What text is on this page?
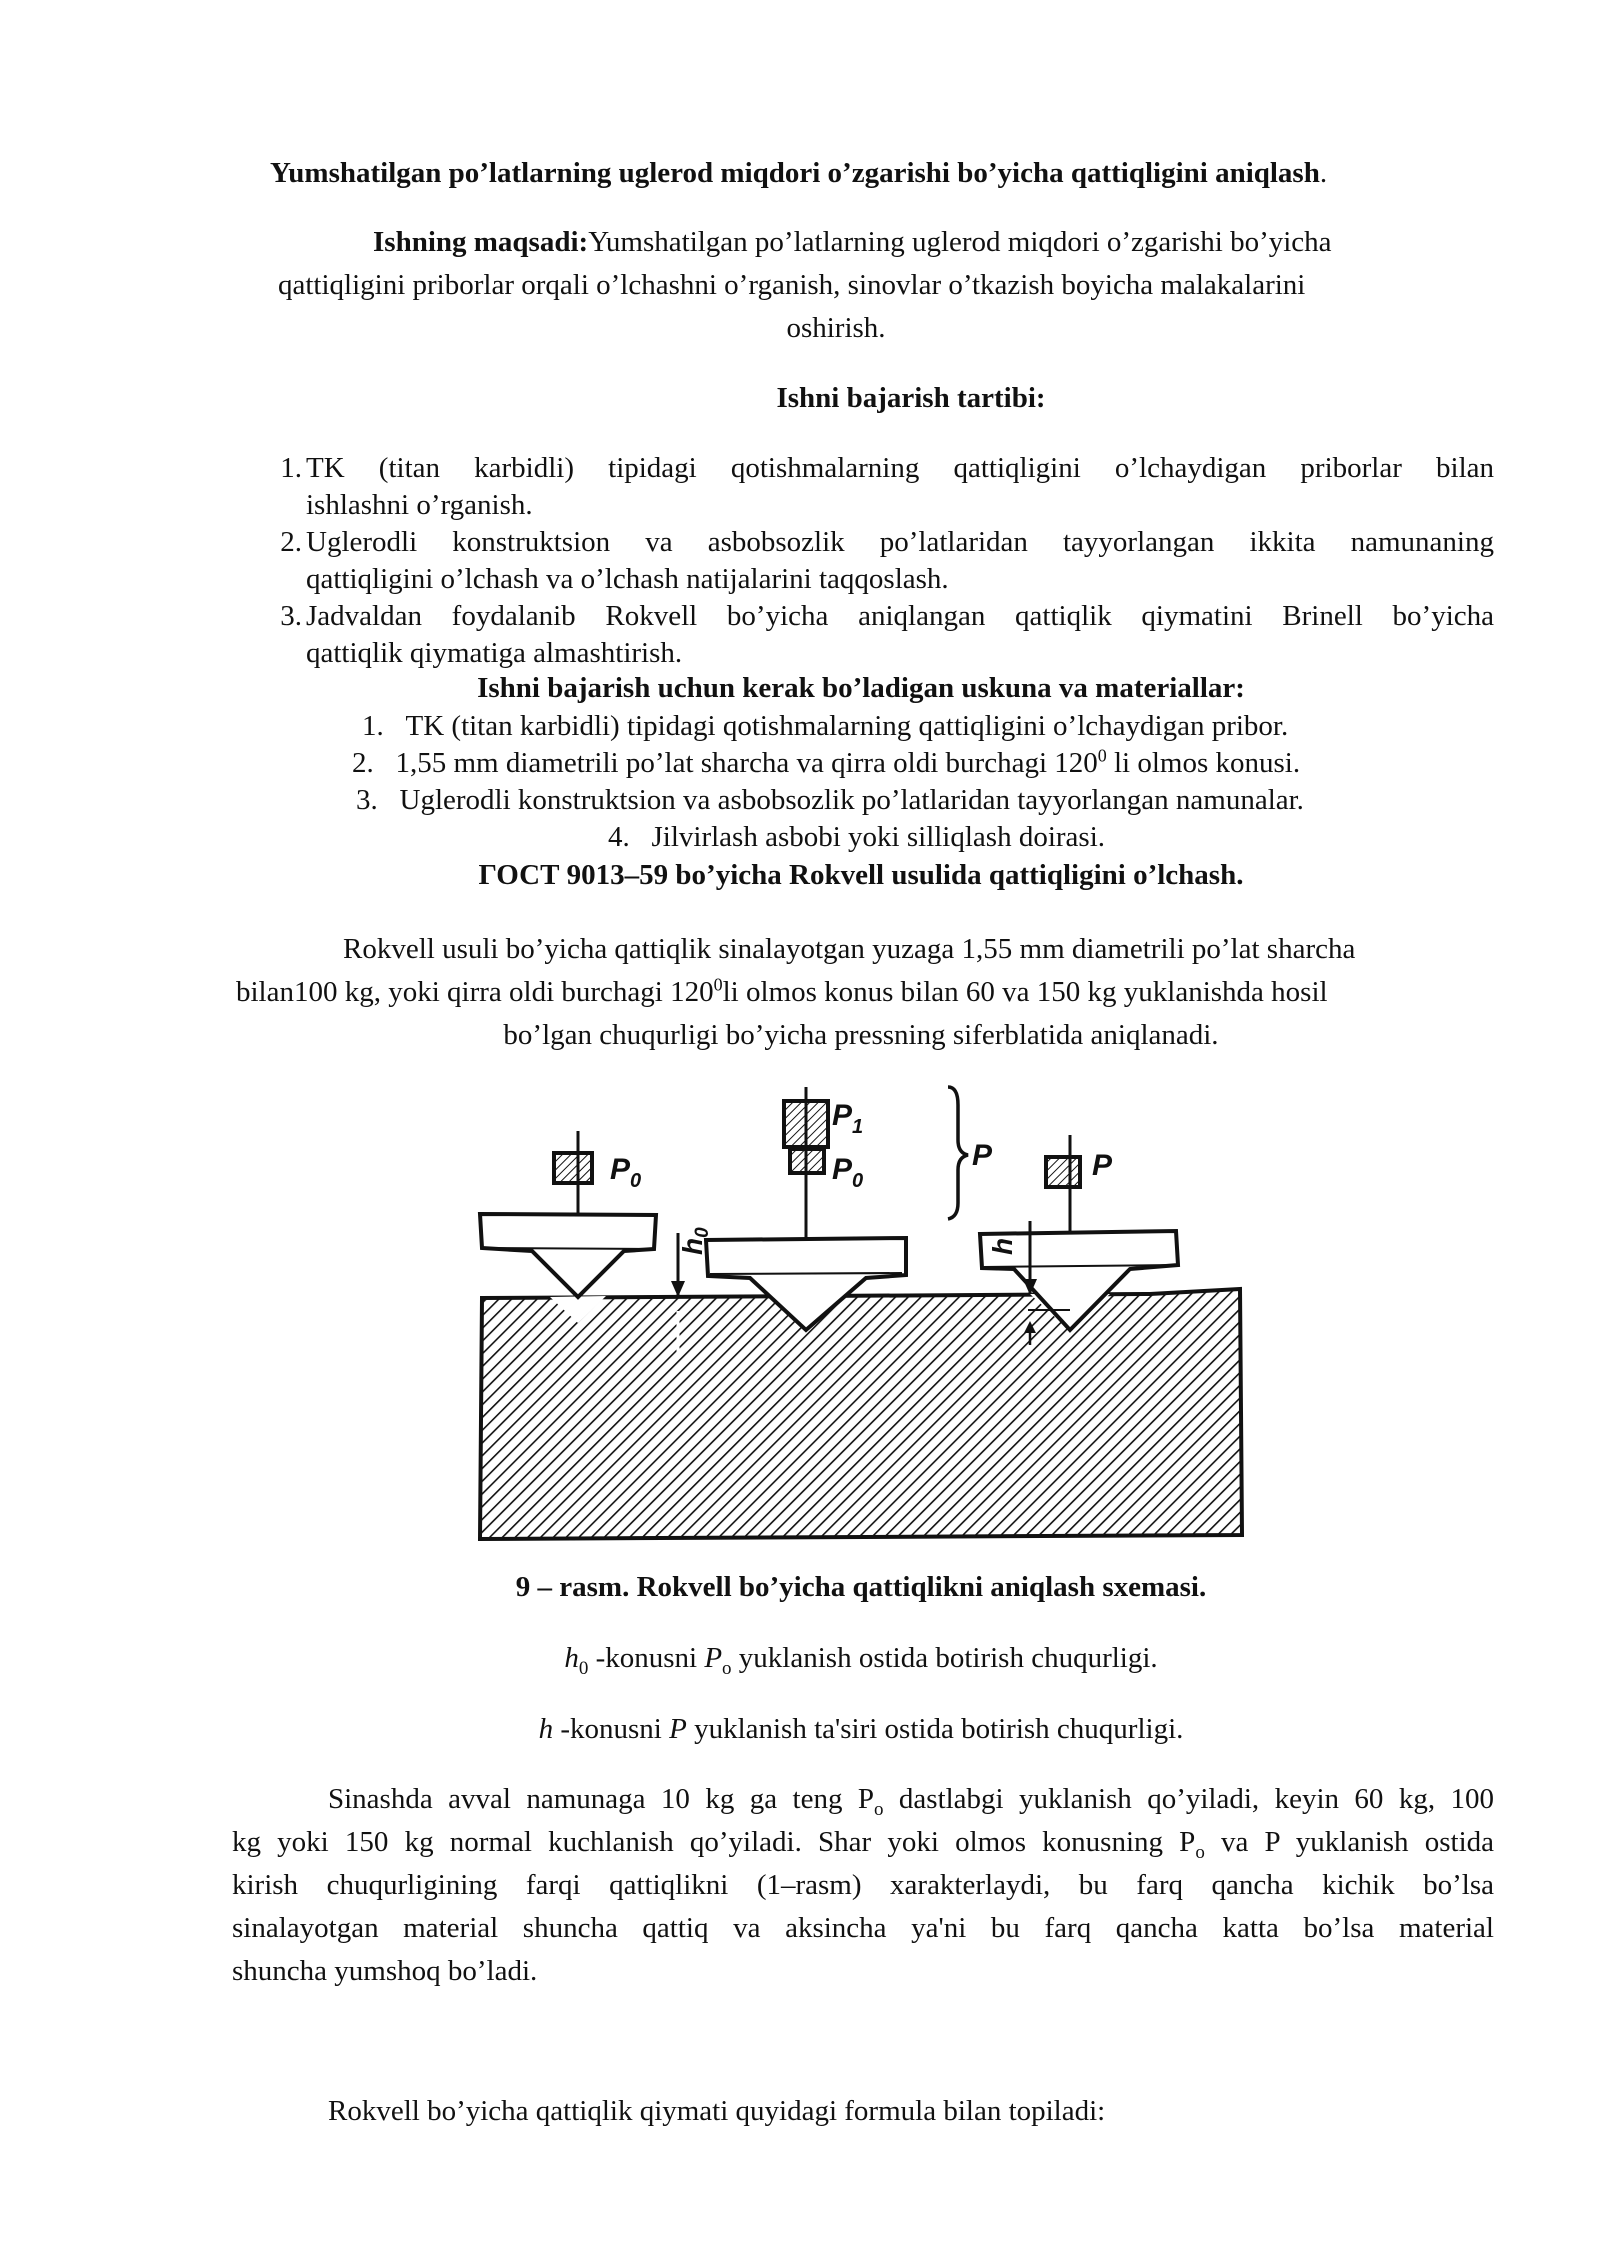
Yumshatilgan po’latlarning uglerod miqdori o’zgarishi bo’yicha qattiqligini aniqlash.

Ishning maqsadi:Yumshatilgan po’latlarning uglerod miqdori o’zgarishi bo’yicha

qattiqligini priborlar orqali o’lchashni o’rganish, sinovlar o’tkazish boyicha malakalarini

oshirish.

Ishni bajarish tartibi:

1. TK (titan karbidli) tipidagi qotishmalarning qattiqligini o’lchaydigan priborlar bilan
ishlashni o’rganish.
2. Uglerodli konstruktsion va asbobsozlik po’latlaridan tayyorlangan ikkita namunaning
qattiqligini o’lchash va o’lchash natijalarini taqqoslash.
3. Jadvaldan foydalanib Rokvell bo’yicha aniqlangan qattiqlik qiymatini Brinell bo’yicha
qattiqlik qiymatiga almashtirish.

Ishni bajarish uchun kerak bo’ladigan uskuna va materiallar:

1. TK (titan karbidli) tipidagi qotishmalarning qattiqligini o’lchaydigan pribor.

2. 1,55 mm diametrili po’lat sharcha va qirra oldi burchagi $120^0$ li olmos konusi.

3. Uglerodli konstruktsion va asbobsozlik po’latlaridan tayyorlangan namunalar.

4. Jilvirlash asbobi yoki silliqlash doirasi.

ГОСТ 9013–59 bo’yicha Rokvell usulida qattiqligini o’lchash.

Rokvell usuli bo’yicha qattiqlik sinalayotgan yuzaga 1,55 mm diametrili po’lat sharcha

bilan100 kg, yoki qirra oldi burchagi $120^0li$ olmos konus bilan 60 va 150 kg yuklanishda hosil

bo’lgan chuqurligi bo’yicha pressning siferblatida aniqlanadi.

$P_0$
$P_1$
$P_0$
P	P
$h_0$
h

9 – rasm. Rokvell bo’yicha qattiqlikni aniqlash sxemasi.

$h_0$ -konusni $P_o$ yuklanish ostida botirish chuqurligi.

h -konusni P yuklanish ta'siri ostida botirish chuqurligi.

Sinashda avval namunaga 10 kg ga teng $P_o$ dastlabgi yuklanish qo’yiladi, keyin 60 kg, 100

kg yoki 150 kg normal kuchlanish qo’yiladi. Shar yoki olmos konusning $P_o$ va P yuklanish ostida

kirish chuqurligining farqi qattiqlikni (1–rasm) xarakterlaydi, bu farq qancha kichik bo’lsa

sinalayotgan material shuncha qattiq va aksincha ya'ni bu farq qancha katta bo’lsa material

shuncha yumshoq bo’ladi.

Rokvell bo’yicha qattiqlik qiymati quyidagi formula bilan topiladi:
